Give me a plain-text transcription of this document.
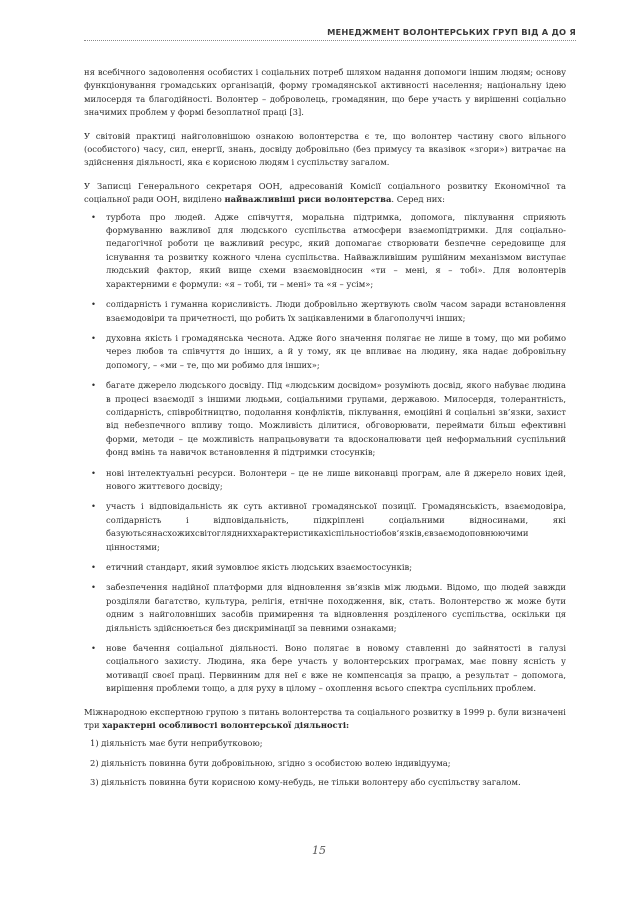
МЕНЕДЖМЕНТ ВОЛОНТЕРСЬКИХ ГРУП ВІД А ДО Я

ня всебічного задоволення особистих і соціальних потреб шляхом надання допомоги іншим людям; основу функціонування громадських організацій, форму громадянської активності населення; національну ідею милосердя та благодійності. Волонтер – доброволець, громадянин, що бере участь у вирішенні соціально значимих проблем у формі безоплатної праці [3].

У світовій практиці найголовнішою ознакою волонтерства є те, що волонтер частину свого вільного (особистого) часу, сил, енергії, знань, досвіду добровільно (без примусу та вказівок «згори») витрачає на здійснення діяльності, яка є корисною людям і суспільству загалом.

У Записці Генерального секретаря ООН, адресованій Комісії соціального розвитку Економічної та соціальної ради ООН, виділено найважливіші риси волонтерства. Серед них:

• турбота про людей. Адже співчуття, моральна підтримка, допомога, піклування сприяють формуванню важливої для людського суспільства атмосфери взаємопідтримки. Для соціально-педагогічної роботи це важливий ресурс, який допомагає створювати безпечне середовище для існування та розвитку кожного члена суспільства. Найважливішим рушійним механізмом виступає людський фактор, який вище схеми взаємовідносин «ти – мені, я – тобі». Для волонтерів характерними є формули: «я – тобі, ти – мені» та «я – усім»;
• солідарність і гуманна корисливість. Люди добровільно жертвують своїм часом заради встановлення взаємодовіри та причетності, що робить їх зацікавленими в благополуччі інших;
• духовна якість і громадянська чеснота. Адже його значення полягає не лише в тому, що ми робимо через любов та співчуття до інших, а й у тому, як це впливає на людину, яка надає добровільну допомогу, – «ми – те, що ми робимо для інших»;
• багате джерело людського досвіду. Під «людським досвідом» розуміють досвід, якого набуває людина в процесі взаємодії з іншими людьми, соціальними групами, державою. Милосердя, толерантність, солідарність, співробітництво, подолання конфліктів, піклування, емоційні й соціальні зв’язки, захист від небезпечного впливу тощо. Можливість ділитися, обговорювати, переймати більш ефективні форми, методи – це можливість напрацьовувати та вдосконалювати цей неформальний суспільний фонд вмінь та навичок встановлення й підтримки стосунків;
• нові інтелектуальні ресурси. Волонтери – це не лише виконавці програм, але й джерело нових ідей, нового життєвого досвіду;
• участь і відповідальність як суть активної громадянської позиції. Громадянськість, взаємодовіра, солідарність і відповідальність, підкріплені соціальними відносинами, які базуютьсянасхожихсвітоглядниххарактеристикахіспільностіобов’язків,євзаємодоповнюючими цінностями;
• етичний стандарт, який зумовлює якість людських взаємостосунків;
• забезпечення надійної платформи для відновлення зв’язків між людьми. Відомо, що людей завжди розділяли багатство, культура, релігія, етнічне походження, вік, стать. Волонтерство ж може бути одним з найголовніших засобів примирення та відновлення розділеного суспільства, оскільки ця діяльність здійснюється без дискримінації за певними ознаками;
• нове бачення соціальної діяльності. Воно полягає в новому ставленні до зайнятості в галузі соціального захисту. Людина, яка бере участь у волонтерських програмах, має повну ясність у мотивації своєї праці. Первинним для неї є вже не компенсація за працю, а результат – допомога, вирішення проблеми тощо, а для руху в цілому – охоплення всього спектра суспільних проблем.

Міжнародною експертною групою з питань волонтерства та соціального розвитку в 1999 р. були визначені три характерні особливості волонтерської діяльності:

1) діяльність має бути неприбутковою;
2) діяльність повинна бути добровільною, згідно з особистою волею індивідуума;
3) діяльність повинна бути корисною кому-небудь, не тільки волонтеру або суспільству загалом.
15
